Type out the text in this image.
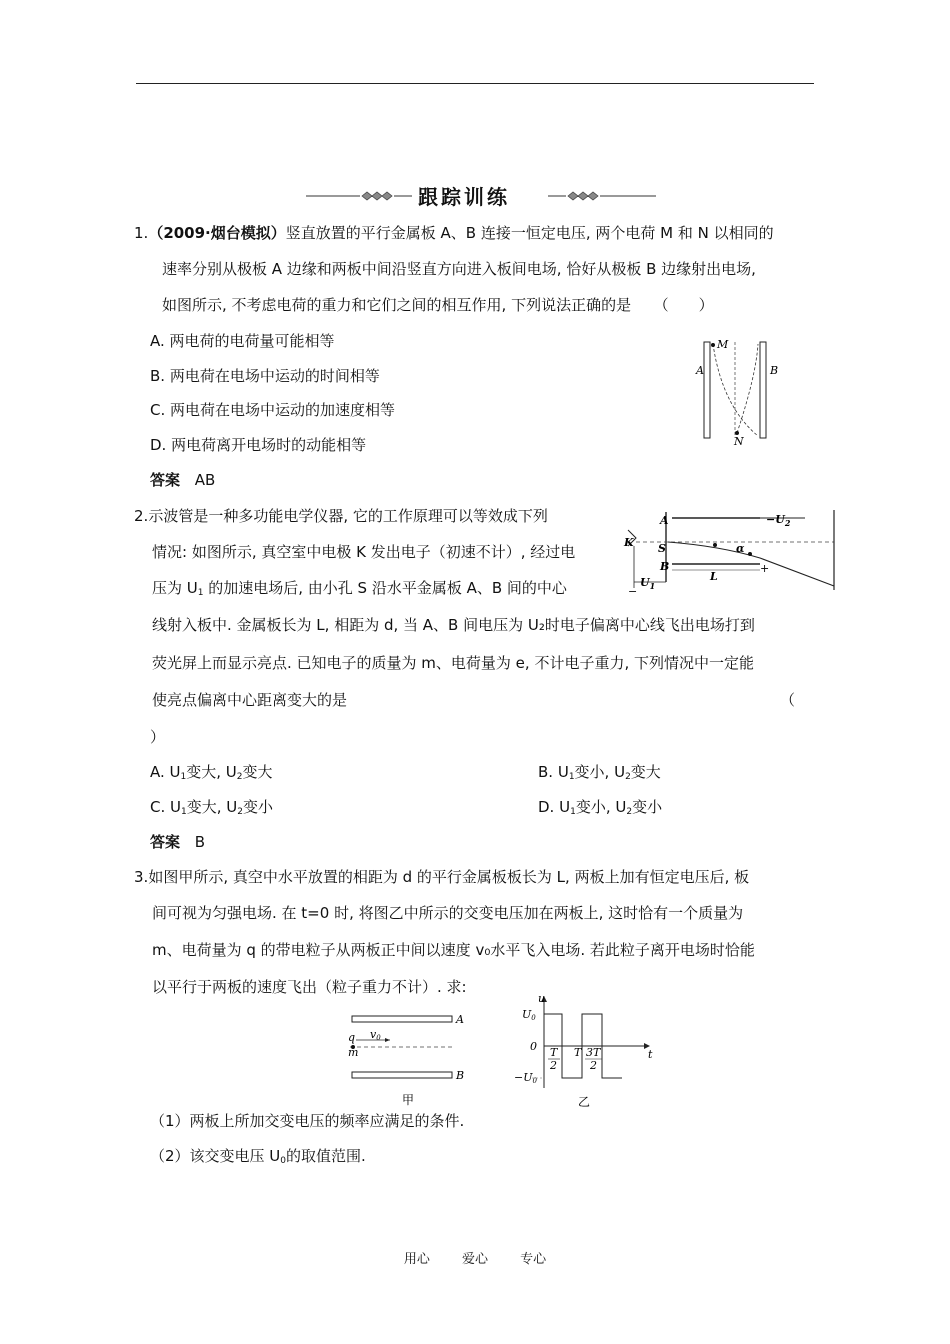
跟踪训练
1.（2009·烟台模拟）竖直放置的平行金属板 A、B 连接一恒定电压, 两个电荷 M 和 N 以相同的
速率分别从极板 A 边缘和两板中间沿竖直方向进入板间电场, 恰好从极板 B 边缘射出电场,
如图所示, 不考虑电荷的重力和它们之间的相互作用, 下列说法正确的是　　（　　）
A. 两电荷的电荷量可能相等
B. 两电荷在电场中运动的时间相等
C. 两电荷在电场中运动的加速度相等
D. 两电荷离开电场时的动能相等
答案 AB
A	B
M
N
2.示波管是一种多功能电学仪器, 它的工作原理可以等效成下列
情况: 如图所示, 真空室中电极 K 发出电子（初速不计）, 经过电
压为 $U_1$ 的加速电场后, 由小孔 S 沿水平金属板 A、B 间的中心
线射入板中. 金属板长为 L, 相距为 d, 当 A、B 间电压为 U₂时电子偏离中心线飞出电场打到
荧光屏上而显示亮点. 已知电子的质量为 m、电荷量为 e, 不计电子重力, 下列情况中一定能
使亮点偏离中心距离变大的是	（
）
A. $U_1$变大, $U_2$变大	B. $U_1$变小, $U_2$变大
C. $U_1$变大, $U_2$变小	D. $U_1$变小, $U_2$变小
答案 B
A
B
K S
L
α
$-U_2$
$U_1$
−
+
3.如图甲所示, 真空中水平放置的相距为 d 的平行金属板板长为 L, 两板上加有恒定电压后, 板
间可视为匀强电场. 在 t=0 时, 将图乙中所示的交变电压加在两板上, 这时恰有一个质量为
m、电荷量为 q 的带电粒子从两板正中间以速度 v₀水平飞入电场. 若此粒子离开电场时恰能
以平行于两板的速度飞出（粒子重力不计）. 求:
A
B
q
m
v0
甲
u
t
U0
0
−U0
T
2
T 3T
2
乙
（1）两板上所加交变电压的频率应满足的条件.
（2）该交变电压 $U_0$的取值范围.
用心 爱心 专心
